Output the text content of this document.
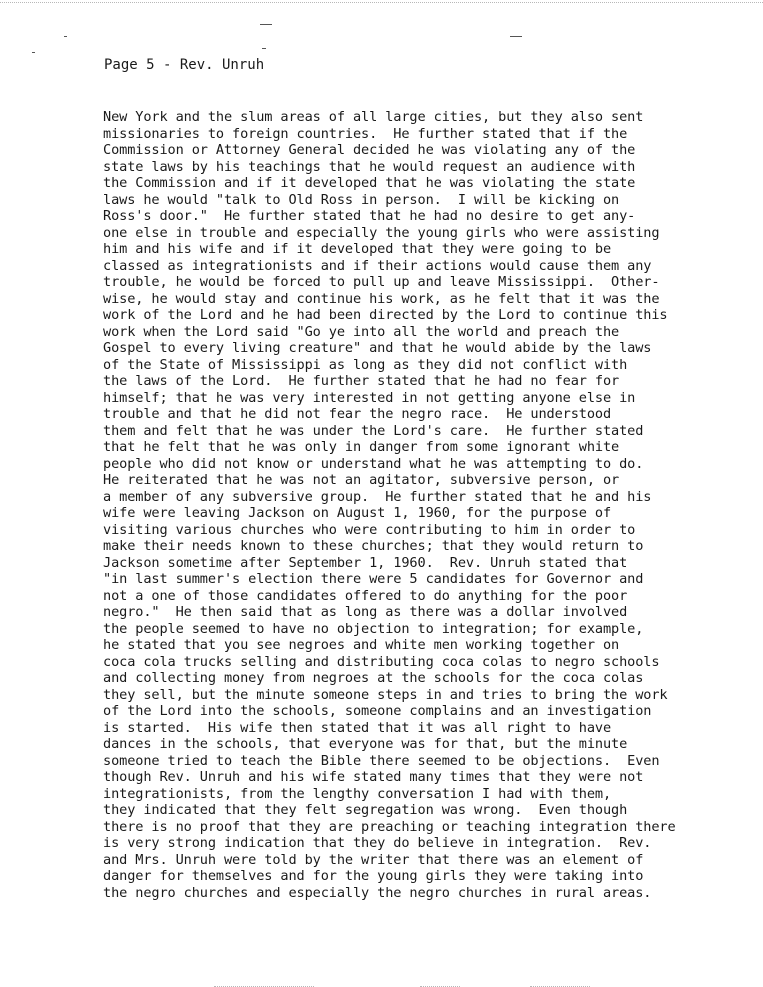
Page 5 - Rev. Unruh
New York and the slum areas of all large cities, but they also sent
missionaries to foreign countries.  He further stated that if the
Commission or Attorney General decided he was violating any of the
state laws by his teachings that he would request an audience with
the Commission and if it developed that he was violating the state
laws he would "talk to Old Ross in person.  I will be kicking on
Ross's door."  He further stated that he had no desire to get any-
one else in trouble and especially the young girls who were assisting
him and his wife and if it developed that they were going to be
classed as integrationists and if their actions would cause them any
trouble, he would be forced to pull up and leave Mississippi.  Other-
wise, he would stay and continue his work, as he felt that it was the
work of the Lord and he had been directed by the Lord to continue this
work when the Lord said "Go ye into all the world and preach the
Gospel to every living creature" and that he would abide by the laws
of the State of Mississippi as long as they did not conflict with
the laws of the Lord.  He further stated that he had no fear for
himself; that he was very interested in not getting anyone else in
trouble and that he did not fear the negro race.  He understood
them and felt that he was under the Lord's care.  He further stated
that he felt that he was only in danger from some ignorant white
people who did not know or understand what he was attempting to do.
He reiterated that he was not an agitator, subversive person, or
a member of any subversive group.  He further stated that he and his
wife were leaving Jackson on August 1, 1960, for the purpose of
visiting various churches who were contributing to him in order to
make their needs known to these churches; that they would return to
Jackson sometime after September 1, 1960.  Rev. Unruh stated that
"in last summer's election there were 5 candidates for Governor and
not a one of those candidates offered to do anything for the poor
negro."  He then said that as long as there was a dollar involved
the people seemed to have no objection to integration; for example,
he stated that you see negroes and white men working together on
coca cola trucks selling and distributing coca colas to negro schools
and collecting money from negroes at the schools for the coca colas
they sell, but the minute someone steps in and tries to bring the work
of the Lord into the schools, someone complains and an investigation
is started.  His wife then stated that it was all right to have
dances in the schools, that everyone was for that, but the minute
someone tried to teach the Bible there seemed to be objections.  Even
though Rev. Unruh and his wife stated many times that they were not
integrationists, from the lengthy conversation I had with them,
they indicated that they felt segregation was wrong.  Even though
there is no proof that they are preaching or teaching integration there
is very strong indication that they do believe in integration.  Rev.
and Mrs. Unruh were told by the writer that there was an element of
danger for themselves and for the young girls they were taking into
the negro churches and especially the negro churches in rural areas.
